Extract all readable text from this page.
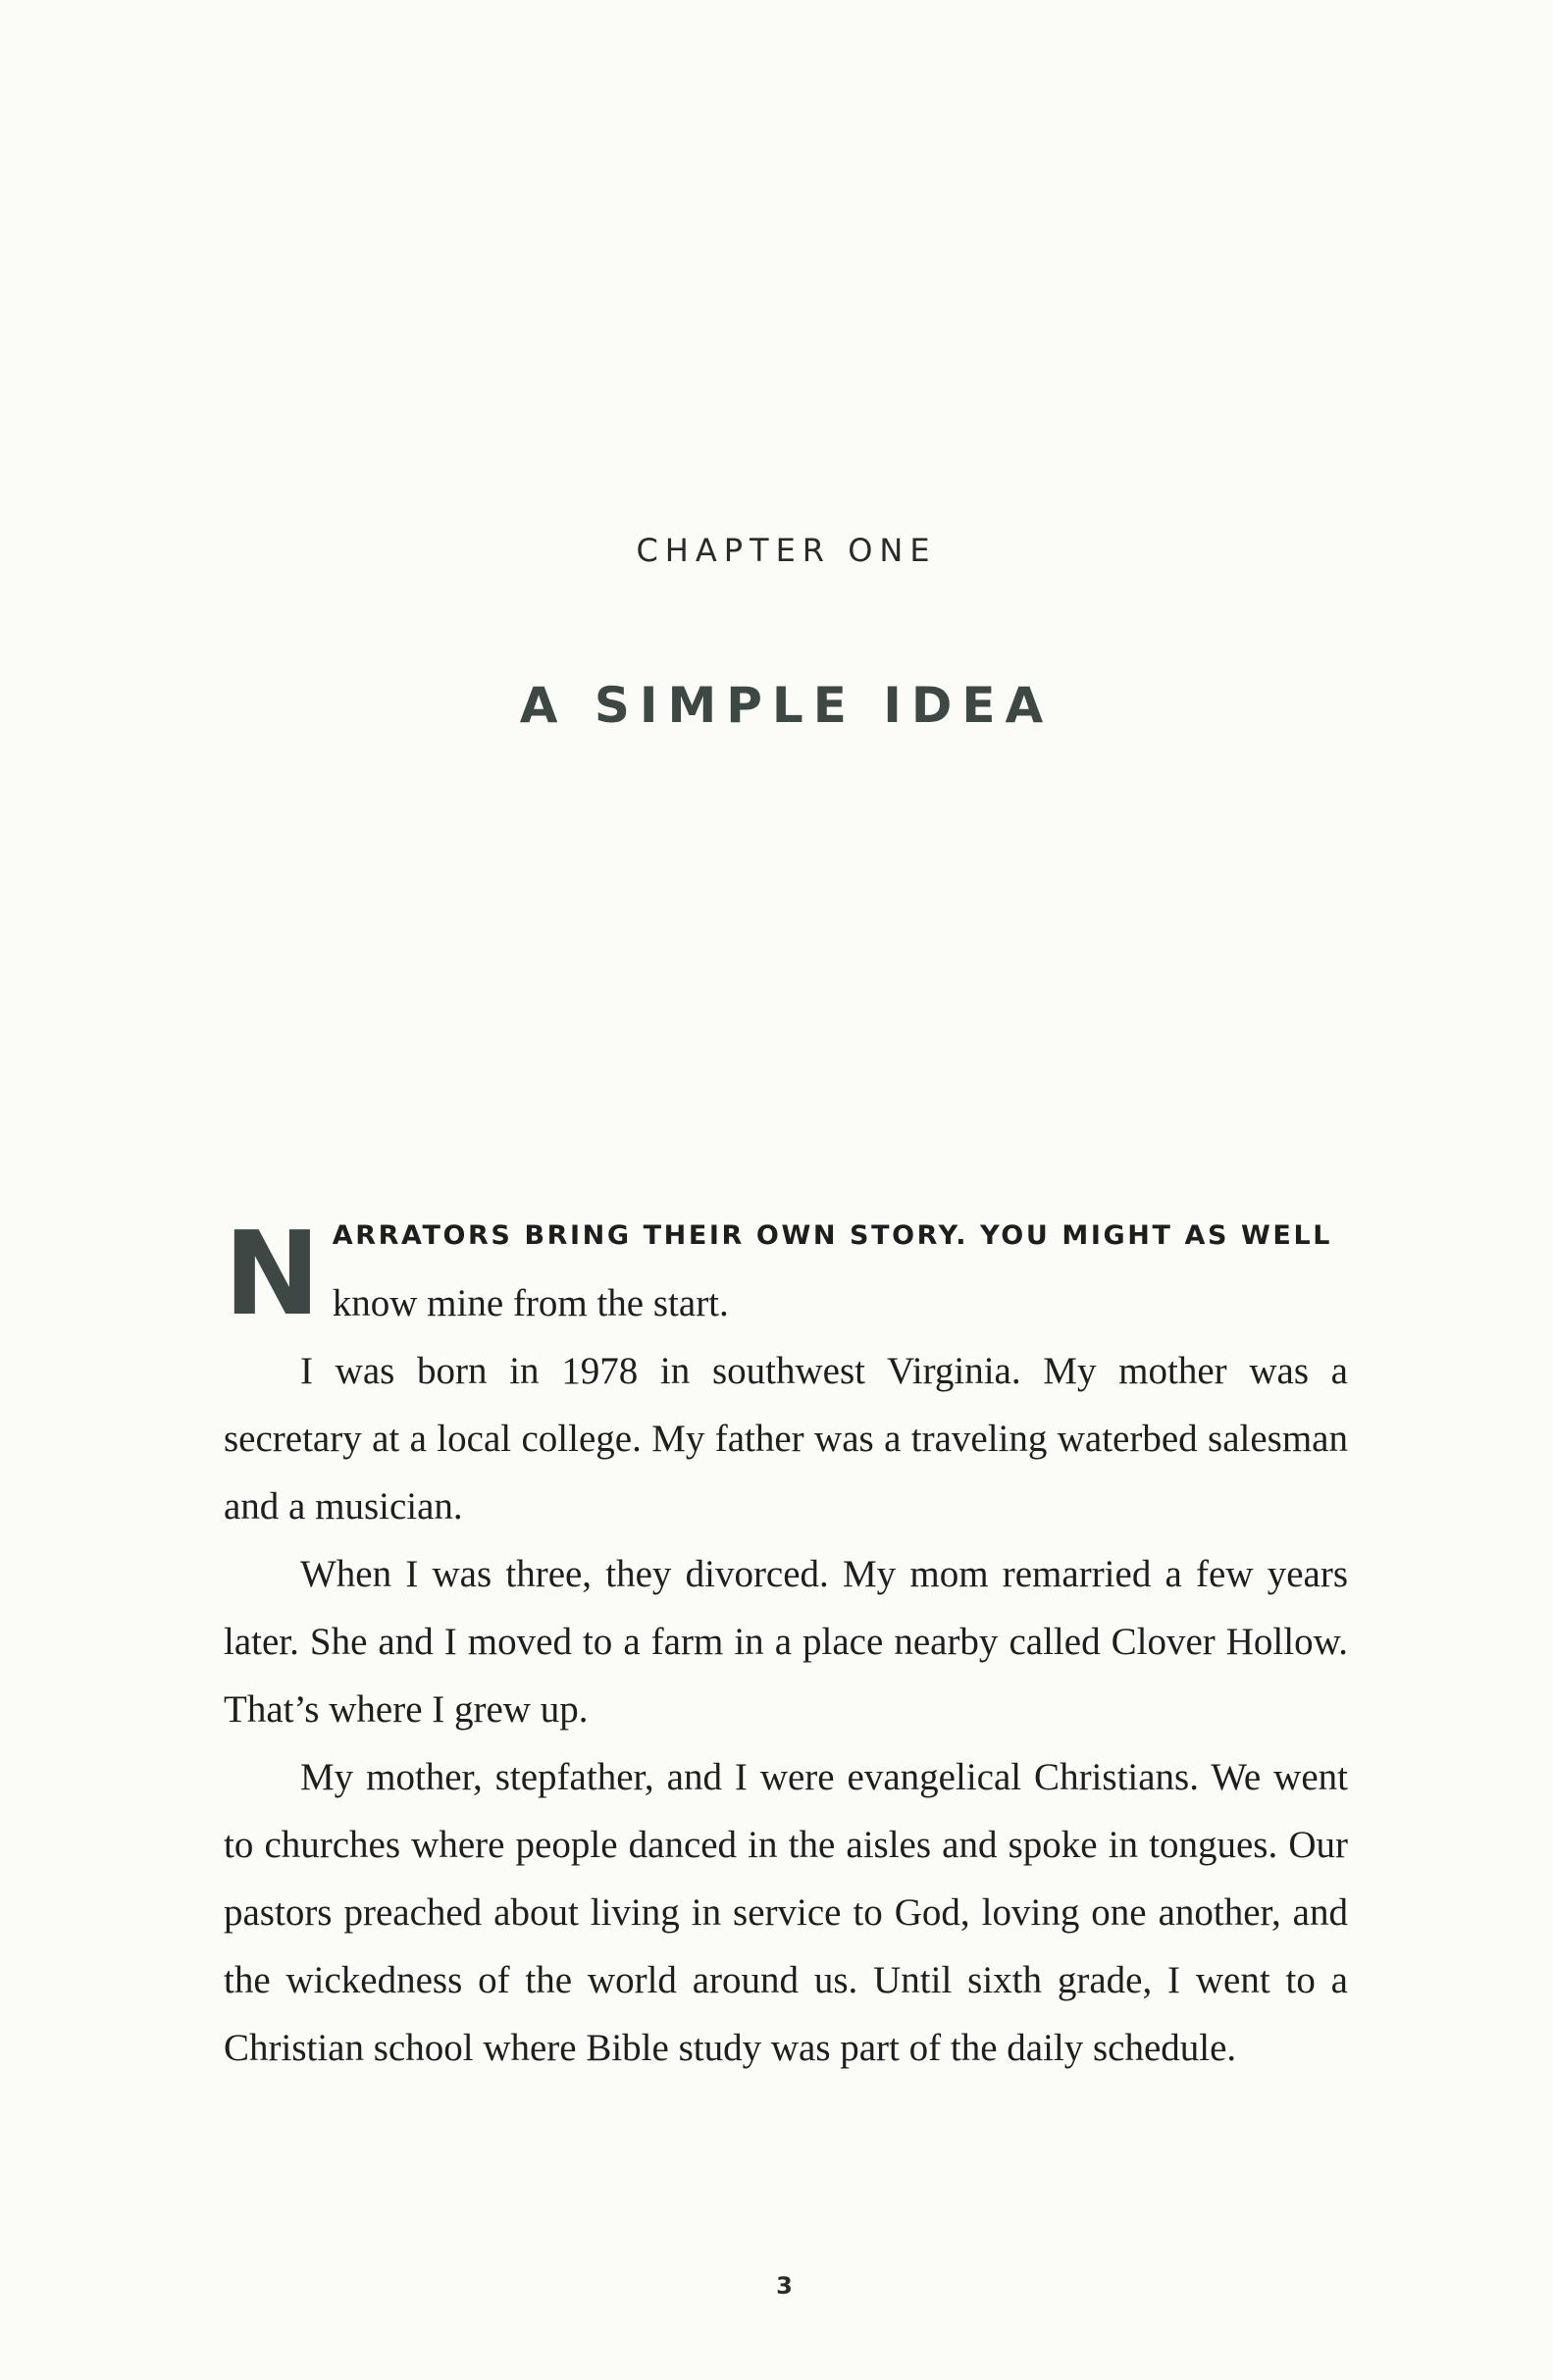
CHAPTER ONE
A SIMPLE IDEA
N ARRATORS BRING THEIR OWN STORY. YOU MIGHT AS WELL
know mine from the start.

I was born in 1978 in southwest Virginia. My mother was a secretary at a local college. My father was a traveling waterbed salesman and a musician.

When I was three, they divorced. My mom remarried a few years later. She and I moved to a farm in a place nearby called Clover Hollow. That’s where I grew up.

My mother, stepfather, and I were evangelical Christians. We went to churches where people danced in the aisles and spoke in tongues. Our pastors preached about living in service to God, loving one another, and the wickedness of the world around us. Until sixth grade, I went to a Christian school where Bible study was part of the daily schedule.

3
